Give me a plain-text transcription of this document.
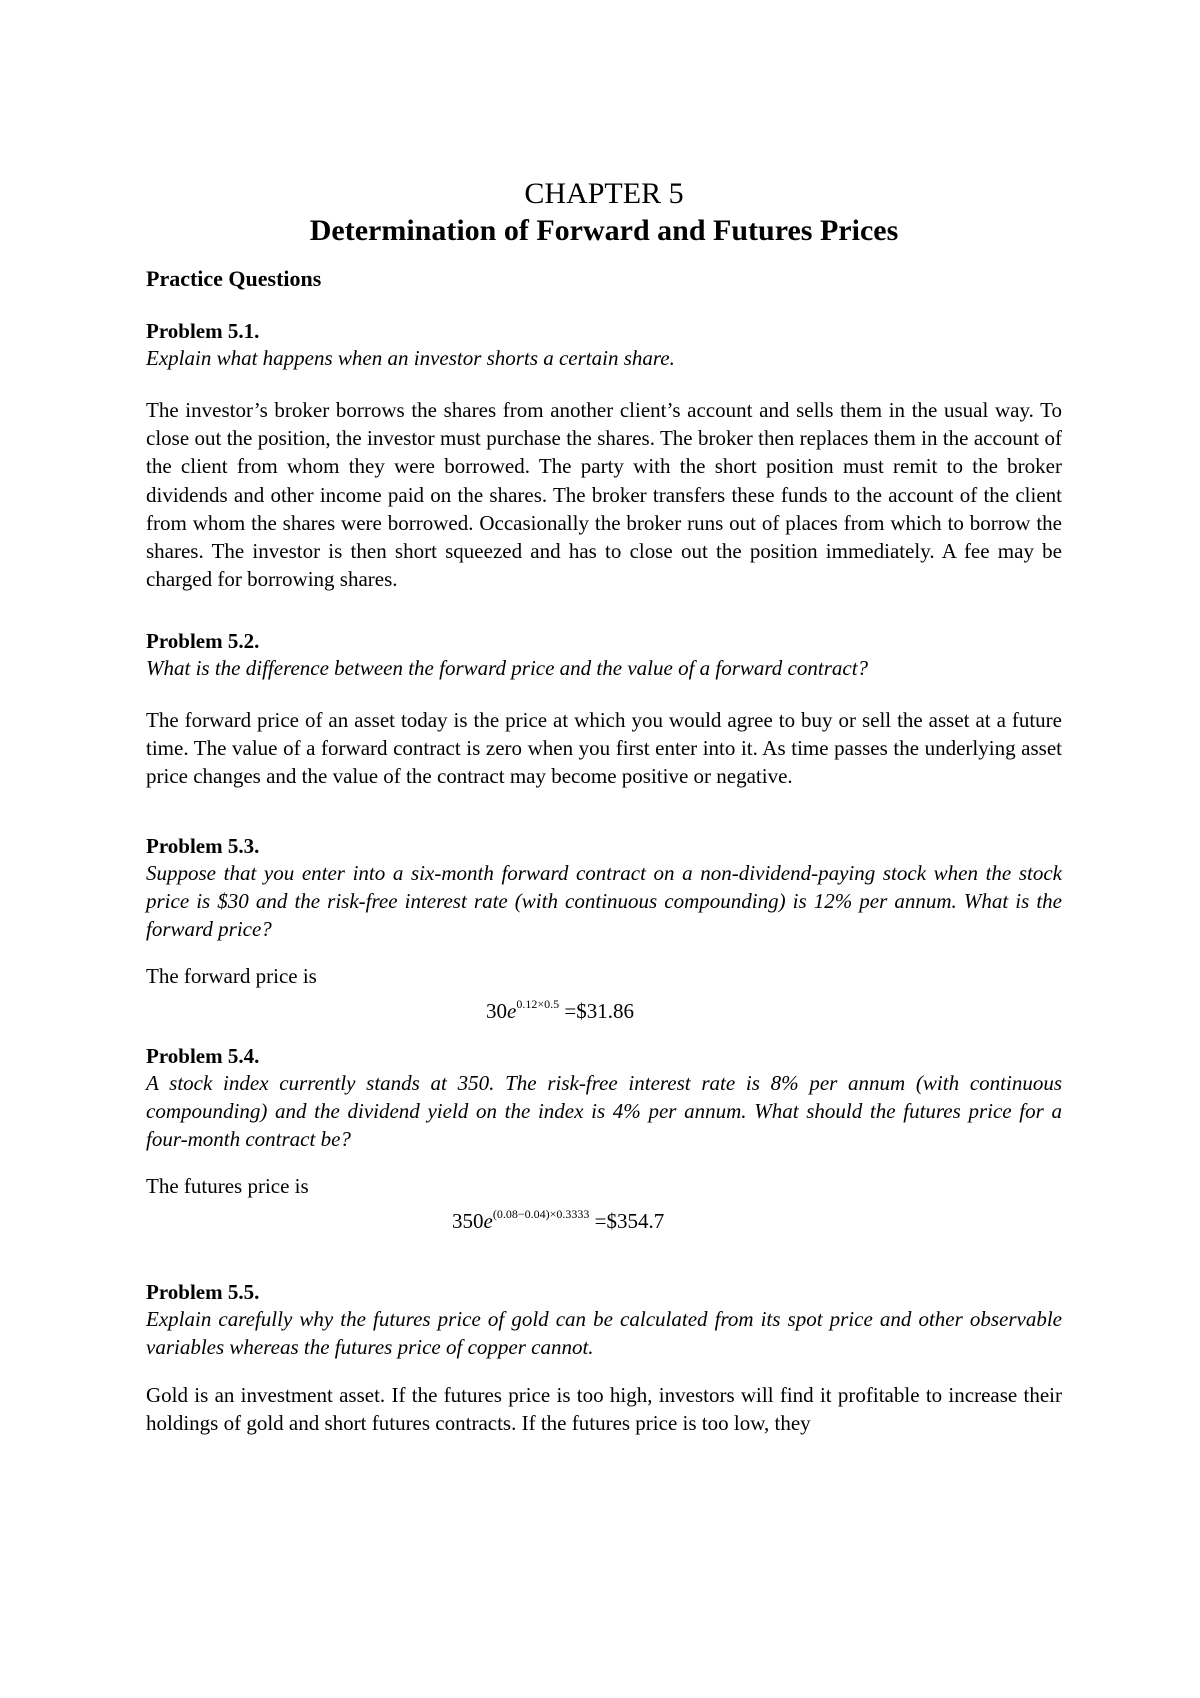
CHAPTER 5
Determination of Forward and Futures Prices
Practice Questions
Problem 5.1.
Explain what happens when an investor shorts a certain share.
The investor’s broker borrows the shares from another client’s account and sells them in the usual way. To close out the position, the investor must purchase the shares. The broker then replaces them in the account of the client from whom they were borrowed. The party with the short position must remit to the broker dividends and other income paid on the shares. The broker transfers these funds to the account of the client from whom the shares were borrowed. Occasionally the broker runs out of places from which to borrow the shares. The investor is then short squeezed and has to close out the position immediately. A fee may be charged for borrowing shares.
Problem 5.2.
What is the difference between the forward price and the value of a forward contract?
The forward price of an asset today is the price at which you would agree to buy or sell the asset at a future time. The value of a forward contract is zero when you first enter into it. As time passes the underlying asset price changes and the value of the contract may become positive or negative.
Problem 5.3.
Suppose that you enter into a six-month forward contract on a non-dividend-paying stock when the stock price is $30 and the risk-free interest rate (with continuous compounding) is 12% per annum. What is the forward price?
The forward price is
$30e^{0.12\times 0.5}$ =$31.86
Problem 5.4.
A stock index currently stands at 350. The risk-free interest rate is 8% per annum (with continuous compounding) and the dividend yield on the index is 4% per annum. What should the futures price for a four-month contract be?
The futures price is
$350e^{(0.08-0.04)\times 0.3333}$ =$354.7
Problem 5.5.
Explain carefully why the futures price of gold can be calculated from its spot price and other observable variables whereas the futures price of copper cannot.
Gold is an investment asset. If the futures price is too high, investors will find it profitable to increase their holdings of gold and short futures contracts. If the futures price is too low, they
